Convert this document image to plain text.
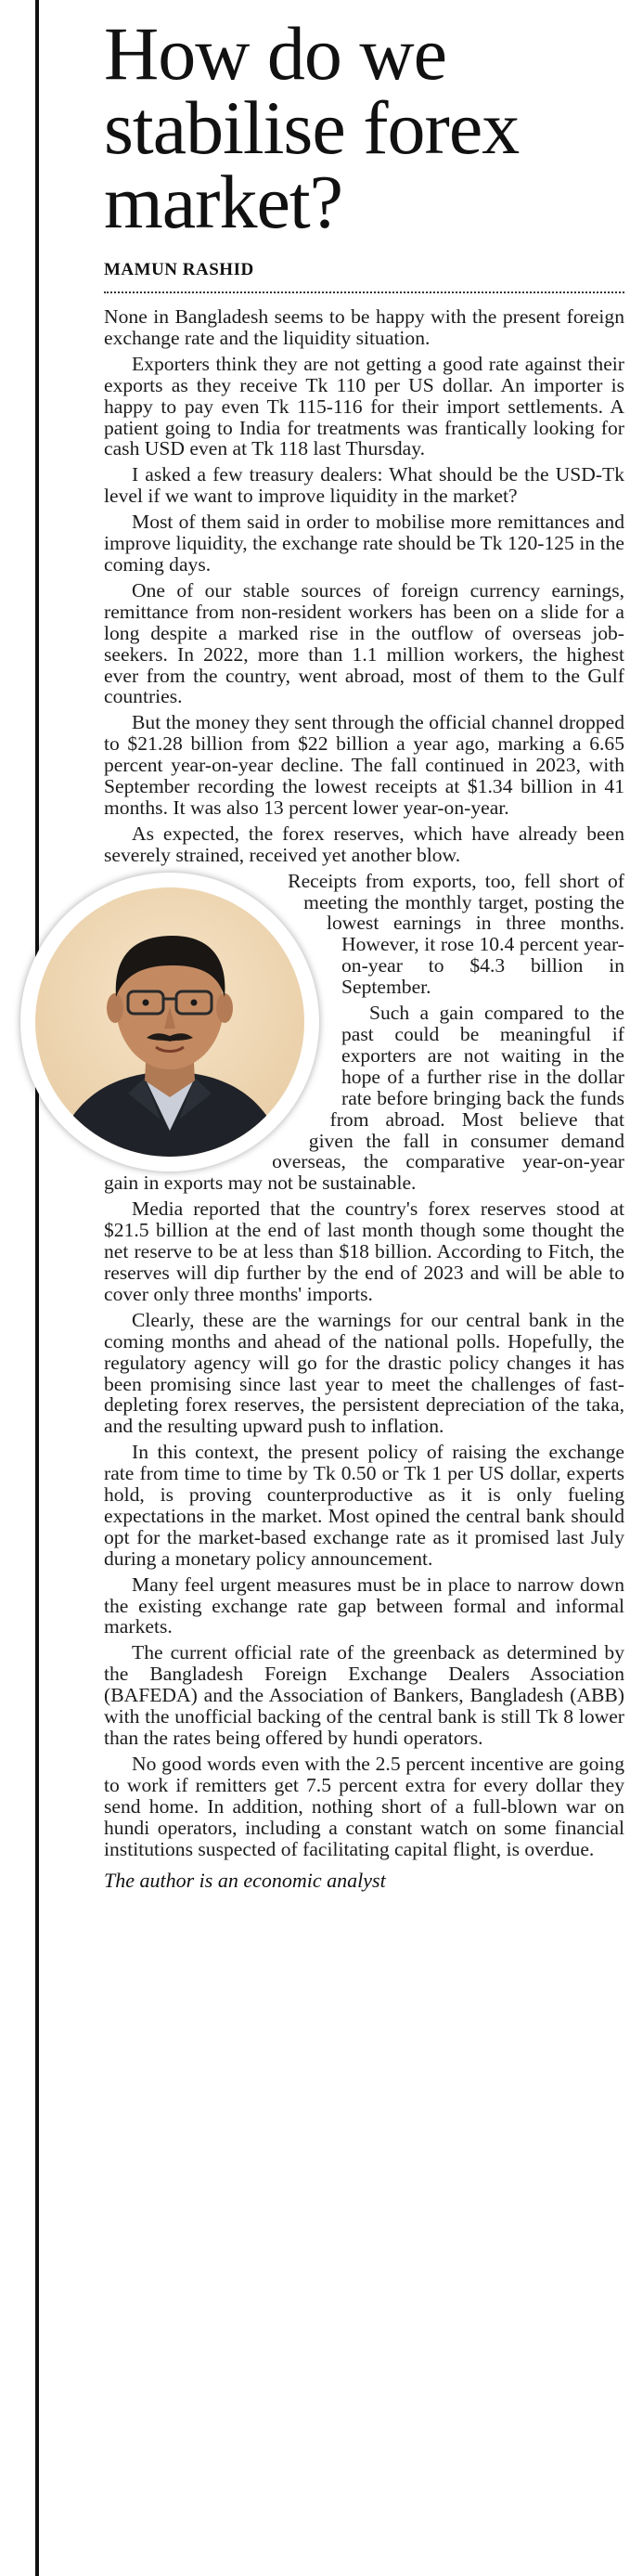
How do we stabilise forex market?
MAMUN RASHID

None in Bangladesh seems to be happy with the present foreign exchange rate and the liquidity situation.

Exporters think they are not getting a good rate against their exports as they receive Tk 110 per US dollar. An importer is happy to pay even Tk 115-116 for their import settlements. A patient going to India for treatments was frantically looking for cash USD even at Tk 118 last Thursday.

I asked a few treasury dealers: What should be the USD-Tk level if we want to improve liquidity in the market?

Most of them said in order to mobilise more remittances and improve liquidity, the exchange rate should be Tk 120-125 in the coming days.

One of our stable sources of foreign currency earnings, remittance from non-resident workers has been on a slide for a long despite a marked rise in the outflow of overseas job-seekers. In 2022, more than 1.1 million workers, the highest ever from the country, went abroad, most of them to the Gulf countries.

But the money they sent through the official channel dropped to $21.28 billion from $22 billion a year ago, marking a 6.65 percent year-on-year decline. The fall continued in 2023, with September recording the lowest receipts at $1.34 billion in 41 months. It was also 13 percent lower year-on-year.

As expected, the forex reserves, which have already been severely strained, received yet another blow.

Receipts from exports, too, fell short of meeting the monthly target, posting the lowest earnings in three months. However, it rose 10.4 percent year-on-year to $4.3 billion in September.

Such a gain compared to the past could be meaningful if exporters are not waiting in the hope of a further rise in the dollar rate before bringing back the funds from abroad. Most believe that given the fall in consumer demand overseas, the comparative year-on-year gain in exports may not be sustainable.

Media reported that the country's forex reserves stood at $21.5 billion at the end of last month though some thought the net reserve to be at less than $18 billion. According to Fitch, the reserves will dip further by the end of 2023 and will be able to cover only three months' imports.

Clearly, these are the warnings for our central bank in the coming months and ahead of the national polls. Hopefully, the regulatory agency will go for the drastic policy changes it has been promising since last year to meet the challenges of fast-depleting forex reserves, the persistent depreciation of the taka, and the resulting upward push to inflation.

In this context, the present policy of raising the exchange rate from time to time by Tk 0.50 or Tk 1 per US dollar, experts hold, is proving counterproductive as it is only fueling expectations in the market. Most opined the central bank should opt for the market-based exchange rate as it promised last July during a monetary policy announcement.

Many feel urgent measures must be in place to narrow down the existing exchange rate gap between formal and informal markets.

The current official rate of the greenback as determined by the Bangladesh Foreign Exchange Dealers Association (BAFEDA) and the Association of Bankers, Bangladesh (ABB) with the unofficial backing of the central bank is still Tk 8 lower than the rates being offered by hundi operators.

No good words even with the 2.5 percent incentive are going to work if remitters get 7.5 percent extra for every dollar they send home. In addition, nothing short of a full-blown war on hundi operators, including a constant watch on some financial institutions suspected of facilitating capital flight, is overdue.

The author is an economic analyst
